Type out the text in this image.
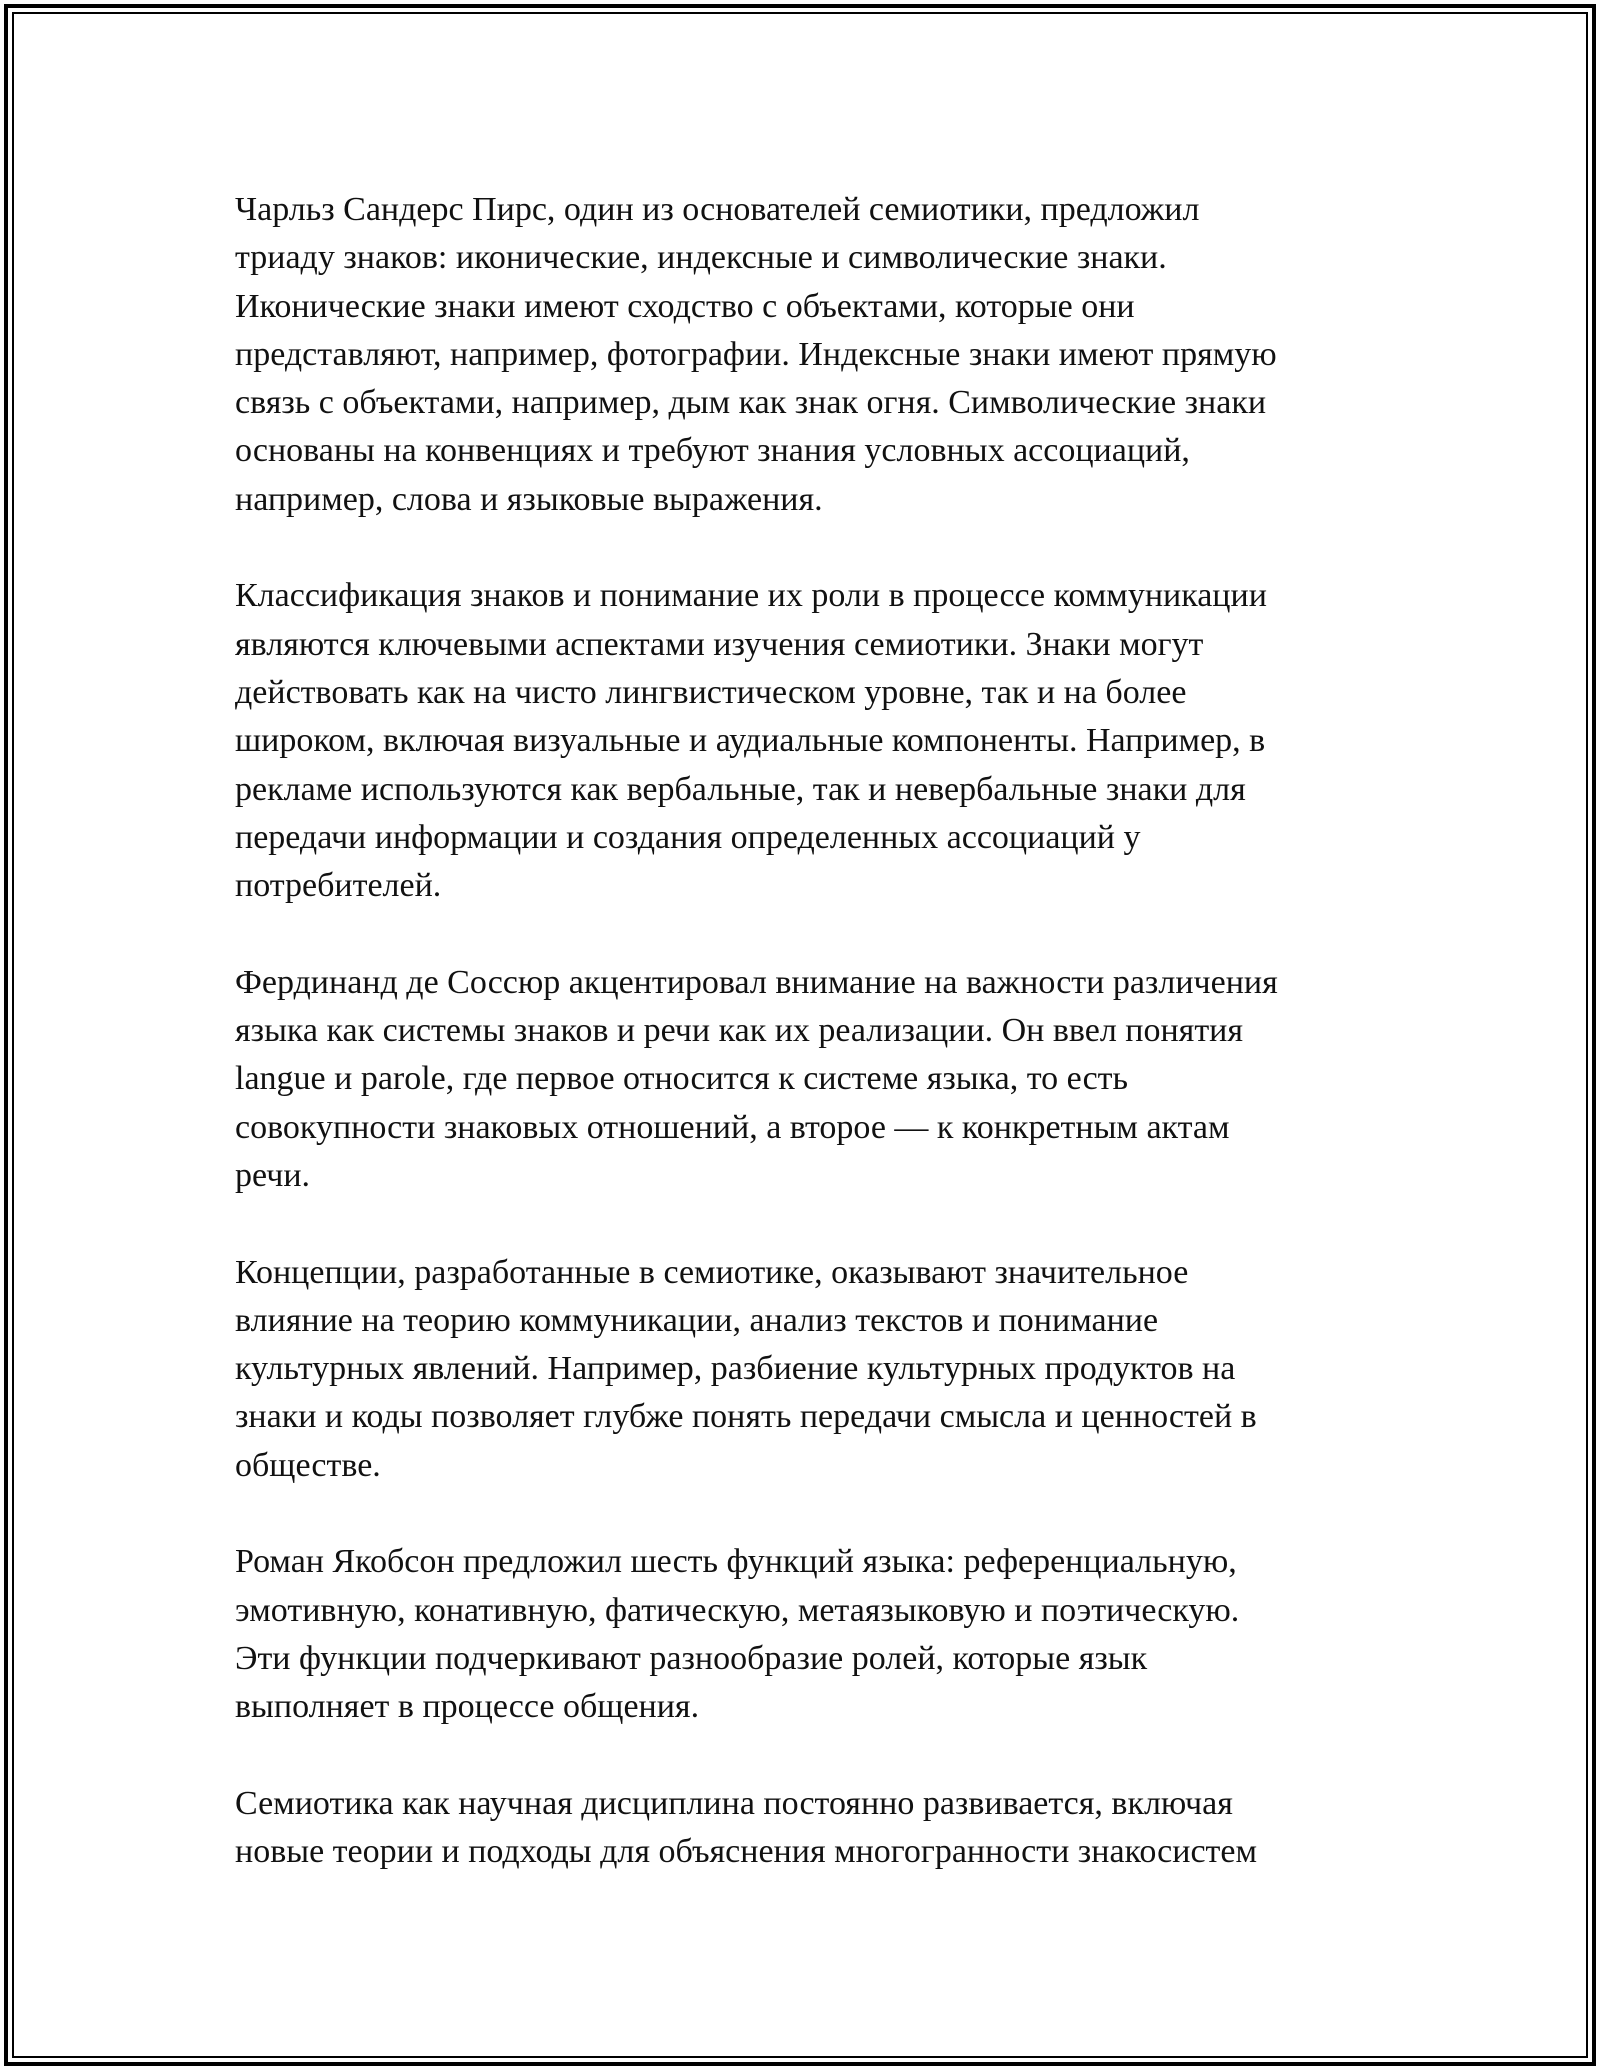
Чарльз Сандерс Пирс, один из основателей семиотики, предложил
триаду знаков: иконические, индексные и символические знаки.
Иконические знаки имеют сходство с объектами, которые они
представляют, например, фотографии. Индексные знаки имеют прямую
связь с объектами, например, дым как знак огня. Символические знаки
основаны на конвенциях и требуют знания условных ассоциаций,
например, слова и языковые выражения.

Классификация знаков и понимание их роли в процессе коммуникации
являются ключевыми аспектами изучения семиотики. Знаки могут
действовать как на чисто лингвистическом уровне, так и на более
широком, включая визуальные и аудиальные компоненты. Например, в
рекламе используются как вербальные, так и невербальные знаки для
передачи информации и создания определенных ассоциаций у
потребителей.

Фердинанд де Соссюр акцентировал внимание на важности различения
языка как системы знаков и речи как их реализации. Он ввел понятия
langue и parole, где первое относится к системе языка, то есть
совокупности знаковых отношений, а второе — к конкретным актам
речи.

Концепции, разработанные в семиотике, оказывают значительное
влияние на теорию коммуникации, анализ текстов и понимание
культурных явлений. Например, разбиение культурных продуктов на
знаки и коды позволяет глубже понять передачи смысла и ценностей в
обществе.

Роман Якобсон предложил шесть функций языка: референциальную,
эмотивную, конативную, фатическую, метаязыковую и поэтическую.
Эти функции подчеркивают разнообразие ролей, которые язык
выполняет в процессе общения.

Семиотика как научная дисциплина постоянно развивается, включая
новые теории и подходы для объяснения многогранности знакосистем
